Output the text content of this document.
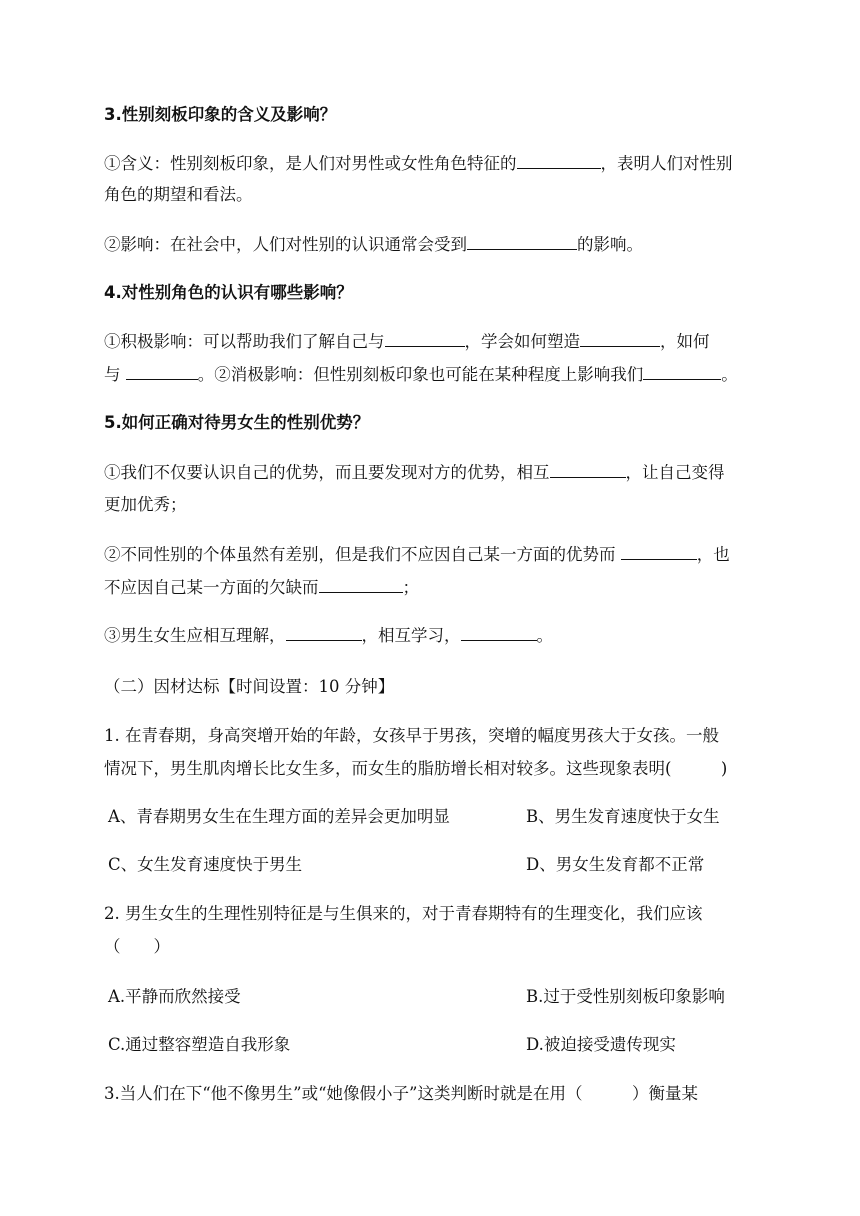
3.性别刻板印象的含义及影响？
①含义：性别刻板印象，是人们对男性或女性角色特征的	，表明人们对性别
角色的期望和看法。
②影响：在社会中，人们对性别的认识通常会受到	的影响。
4.对性别角色的认识有哪些影响？
①积极影响：可以帮助我们了解自己与	，学会如何塑造	，如何
与	。②消极影响：但性别刻板印象也可能在某种程度上影响我们	。
5.如何正确对待男女生的性别优势？
①我们不仅要认识自己的优势，而且要发现对方的优势，相互	，让自己变得
更加优秀；
②不同性别的个体虽然有差别，但是我们不应因自己某一方面的优势而	，也
不应因自己某一方面的欠缺而	；
③男生女生应相互理解，	，相互学习，	。
（二）因材达标【时间设置：10 分钟】
1. 在青春期，身高突增开始的年龄，女孩早于男孩，突增的幅度男孩大于女孩。一般
情况下，男生肌肉增长比女生多，而女生的脂肪增长相对较多。这些现象表明(　　　)
A、青春期男女生在生理方面的差异会更加明显	B、男生发育速度快于女生
C、女生发育速度快于男生	D、男女生发育都不正常
2. 男生女生的生理性别特征是与生俱来的，对于青春期特有的生理变化，我们应该
（　　）
A.平静而欣然接受	B.过于受性别刻板印象影响
C.通过整容塑造自我形象	D.被迫接受遗传现实
3.当人们在下“他不像男生”或“她像假小子”这类判断时就是在用（　　　）衡量某
